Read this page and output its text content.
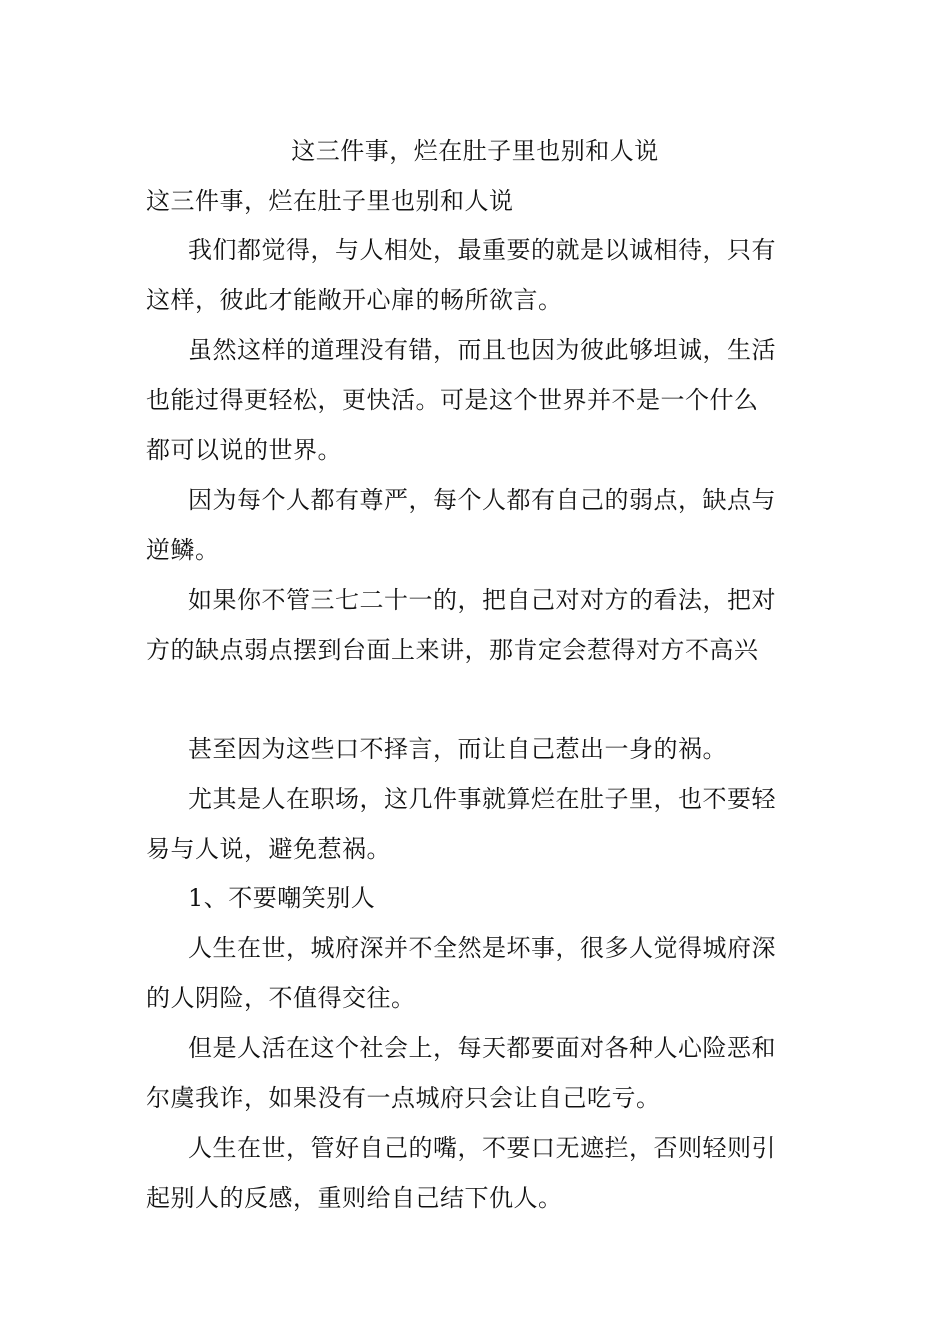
这三件事，烂在肚子里也别和人说
这三件事，烂在肚子里也别和人说
我们都觉得，与人相处，最重要的就是以诚相待，只有
这样，彼此才能敞开心扉的畅所欲言。
虽然这样的道理没有错，而且也因为彼此够坦诚，生活
也能过得更轻松，更快活。可是这个世界并不是一个什么
都可以说的世界。
因为每个人都有尊严，每个人都有自己的弱点，缺点与
逆鳞。
如果你不管三七二十一的，把自己对对方的看法，把对
方的缺点弱点摆到台面上来讲，那肯定会惹得对方不高兴
甚至因为这些口不择言，而让自己惹出一身的祸。
尤其是人在职场，这几件事就算烂在肚子里，也不要轻
易与人说，避免惹祸。
1、不要嘲笑别人
人生在世，城府深并不全然是坏事，很多人觉得城府深
的人阴险，不值得交往。
但是人活在这个社会上，每天都要面对各种人心险恶和
尔虞我诈，如果没有一点城府只会让自己吃亏。
人生在世，管好自己的嘴，不要口无遮拦，否则轻则引
起别人的反感，重则给自己结下仇人。
